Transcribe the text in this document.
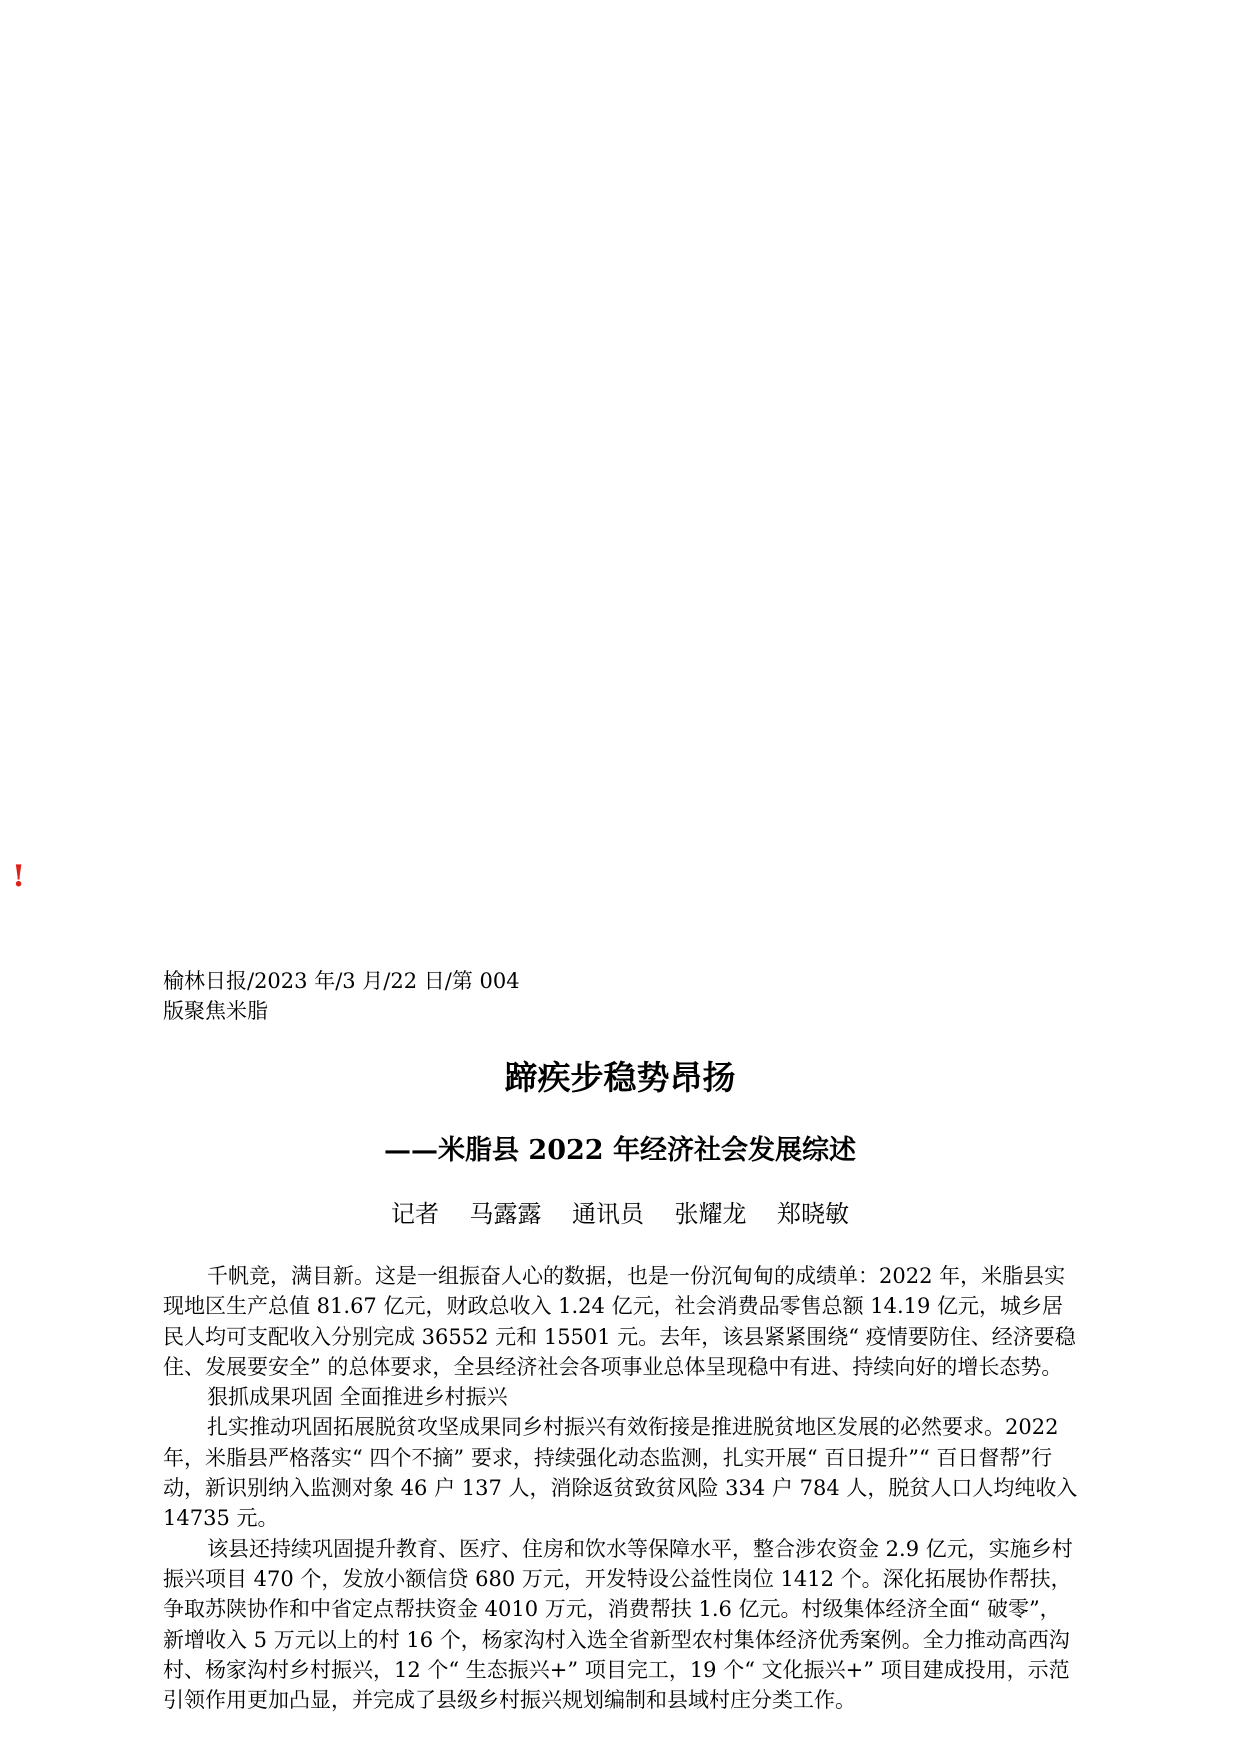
!
榆林日报/2023 年/3 月/22 日/第 004
版聚焦米脂
蹄疾步稳势昂扬
——米脂县 2022 年经济社会发展综述
记者    马露露    通讯员    张耀龙    郑晓敏

千帆竞，满目新。这是一组振奋人心的数据，也是一份沉甸甸的成绩单：2022 年，米脂县实现地区生产总值 81.67 亿元，财政总收入 1.24 亿元，社会消费品零售总额 14.19 亿元，城乡居民人均可支配收入分别完成 36552 元和 15501 元。去年，该县紧紧围绕“ 疫情要防住、经济要稳住、发展要安全” 的总体要求，全县经济社会各项事业总体呈现稳中有进、持续向好的增长态势。

狠抓成果巩固 全面推进乡村振兴

扎实推动巩固拓展脱贫攻坚成果同乡村振兴有效衔接是推进脱贫地区发展的必然要求。2022 年，米脂县严格落实“ 四个不摘” 要求，持续强化动态监测，扎实开展“ 百日提升”“ 百日督帮”行动，新识别纳入监测对象 46 户 137 人，消除返贫致贫风险 334 户 784 人，脱贫人口人均纯收入 14735 元。

该县还持续巩固提升教育、医疗、住房和饮水等保障水平，整合涉农资金 2.9 亿元，实施乡村振兴项目 470 个，发放小额信贷 680 万元，开发特设公益性岗位 1412 个。深化拓展协作帮扶，争取苏陕协作和中省定点帮扶资金 4010 万元，消费帮扶 1.6 亿元。村级集体经济全面“ 破零”，新增收入 5 万元以上的村 16 个，杨家沟村入选全省新型农村集体经济优秀案例。全力推动高西沟村、杨家沟村乡村振兴，12 个“ 生态振兴+” 项目完工，19 个“ 文化振兴+” 项目建成投用，示范引领作用更加凸显，并完成了县级乡村振兴规划编制和县域村庄分类工作。
